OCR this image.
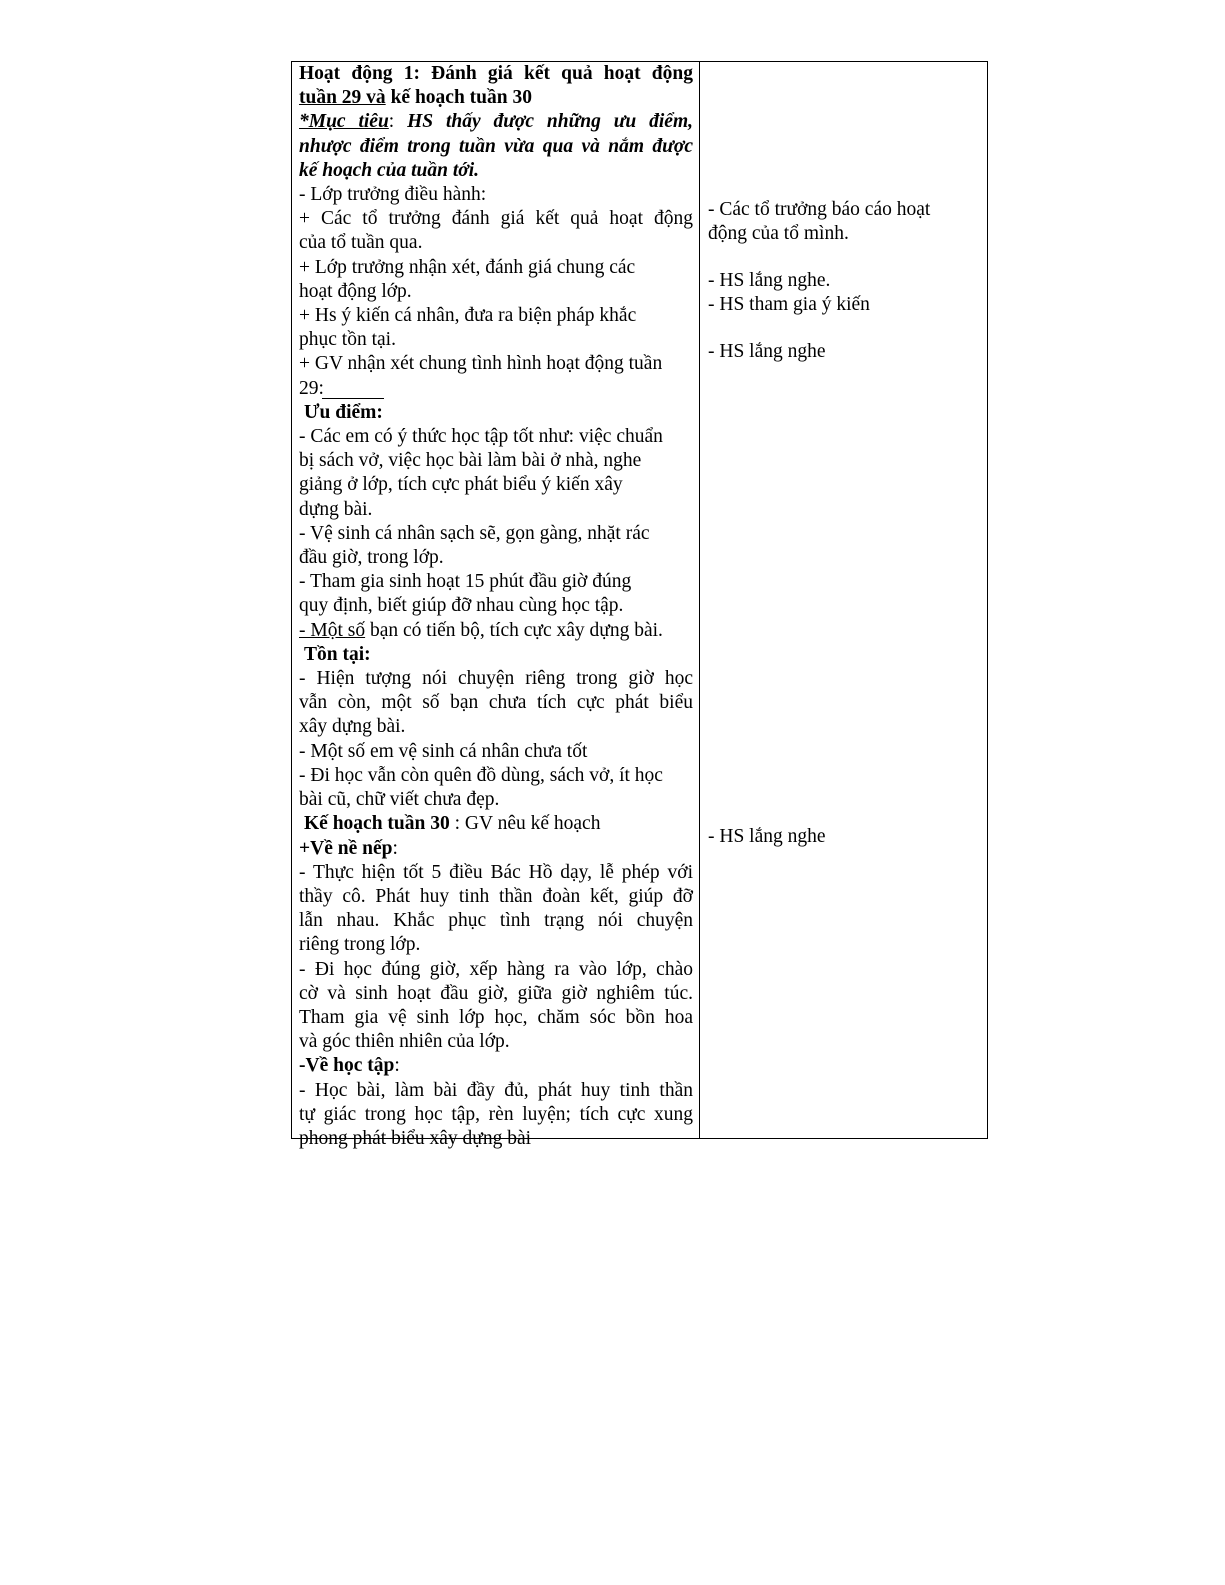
Hoạt động 1: Đánh giá kết quả hoạt động
tuần 29 và kế hoạch tuần 30
*Mục tiêu: HS thấy được những ưu điểm,
nhược điểm trong tuần vừa qua và nắm được
kế hoạch của tuần tới.
- Lớp trưởng điều hành:
+ Các tổ trưởng đánh giá kết quả hoạt động
của tổ tuần qua.
+ Lớp trưởng nhận xét, đánh giá chung các
hoạt động lớp.
+ Hs ý kiến cá nhân, đưa ra biện pháp khắc
phục tồn tại.
+ GV nhận xét chung tình hình hoạt động tuần
29:
Ưu điểm:
- Các em có ý thức học tập tốt như: việc chuẩn
bị sách vở, việc học bài làm bài ở nhà, nghe
giảng ở lớp, tích cực phát biểu ý kiến xây
dựng bài.
- Vệ sinh cá nhân sạch sẽ, gọn gàng, nhặt rác
đầu giờ, trong lớp.
- Tham gia sinh hoạt 15 phút đầu giờ đúng
quy định, biết giúp đỡ nhau cùng học tập.
- Một số bạn có tiến bộ, tích cực xây dựng bài.
Tồn tại:
- Hiện tượng nói chuyện riêng trong giờ học
vẫn còn, một số bạn chưa tích cực phát biểu
xây dựng bài.
- Một số em vệ sinh cá nhân chưa tốt
- Đi học vẫn còn quên đồ dùng, sách vở, ít học
bài cũ, chữ viết chưa đẹp.
Kế hoạch tuần 30 : GV nêu kế hoạch
+Về nề nếp:
- Thực hiện tốt 5 điều Bác Hồ dạy, lễ phép với
thầy cô. Phát huy tinh thần đoàn kết, giúp đỡ
lẫn nhau. Khắc phục tình trạng nói chuyện
riêng trong lớp.
- Đi học đúng giờ, xếp hàng ra vào lớp, chào
cờ và sinh hoạt đầu giờ, giữa giờ nghiêm túc.
Tham gia vệ sinh lớp học, chăm sóc bồn hoa
và góc thiên nhiên của lớp.
-Về học tập:
- Học bài, làm bài đầy đủ, phát huy tinh thần
tự giác trong học tập, rèn luyện; tích cực xung
phong phát biểu xây dựng bài
- Các tổ trưởng báo cáo hoạt
động của tổ mình.
- HS lắng nghe.
- HS tham gia ý kiến
- HS lắng nghe
- HS lắng nghe
